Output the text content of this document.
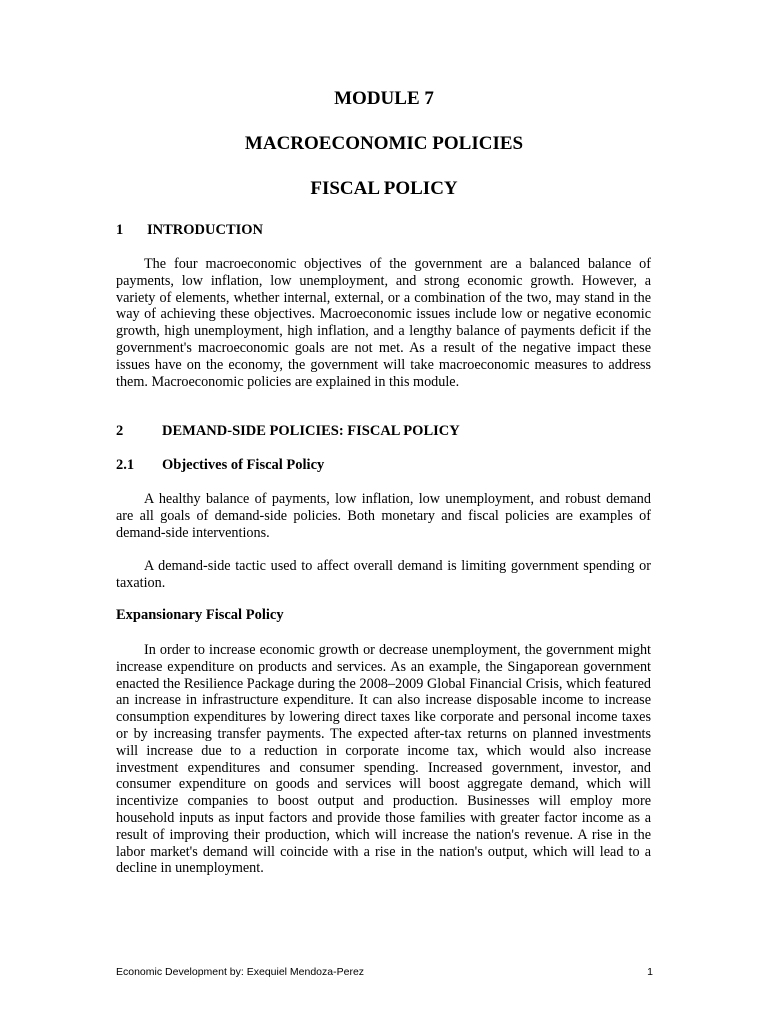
MODULE 7
MACROECONOMIC POLICIES
FISCAL POLICY
1 INTRODUCTION

The four macroeconomic objectives of the government are a balanced balance of payments, low inflation, low unemployment, and strong economic growth. However, a variety of elements, whether internal, external, or a combination of the two, may stand in the way of achieving these objectives. Macroeconomic issues include low or negative economic growth, high unemployment, high inflation, and a lengthy balance of payments deficit if the government's macroeconomic goals are not met. As a result of the negative impact these issues have on the economy, the government will take macroeconomic measures to address them. Macroeconomic policies are explained in this module.

2	DEMAND-SIDE POLICIES: FISCAL POLICY
2.1 Objectives of Fiscal Policy

A healthy balance of payments, low inflation, low unemployment, and robust demand are all goals of demand-side policies. Both monetary and fiscal policies are examples of demand-side interventions.

A demand-side tactic used to affect overall demand is limiting government spending or taxation.

Expansionary Fiscal Policy

In order to increase economic growth or decrease unemployment, the government might increase expenditure on products and services. As an example, the Singaporean government enacted the Resilience Package during the 2008–2009 Global Financial Crisis, which featured an increase in infrastructure expenditure. It can also increase disposable income to increase consumption expenditures by lowering direct taxes like corporate and personal income taxes or by increasing transfer payments. The expected after-tax returns on planned investments will increase due to a reduction in corporate income tax, which would also increase investment expenditures and consumer spending. Increased government, investor, and consumer expenditure on goods and services will boost aggregate demand, which will incentivize companies to boost output and production. Businesses will employ more household inputs as input factors and provide those families with greater factor income as a result of improving their production, which will increase the nation's revenue. A rise in the labor market's demand will coincide with a rise in the nation's output, which will lead to a decline in unemployment.

Economic Development by: Exequiel Mendoza-Perez	1
